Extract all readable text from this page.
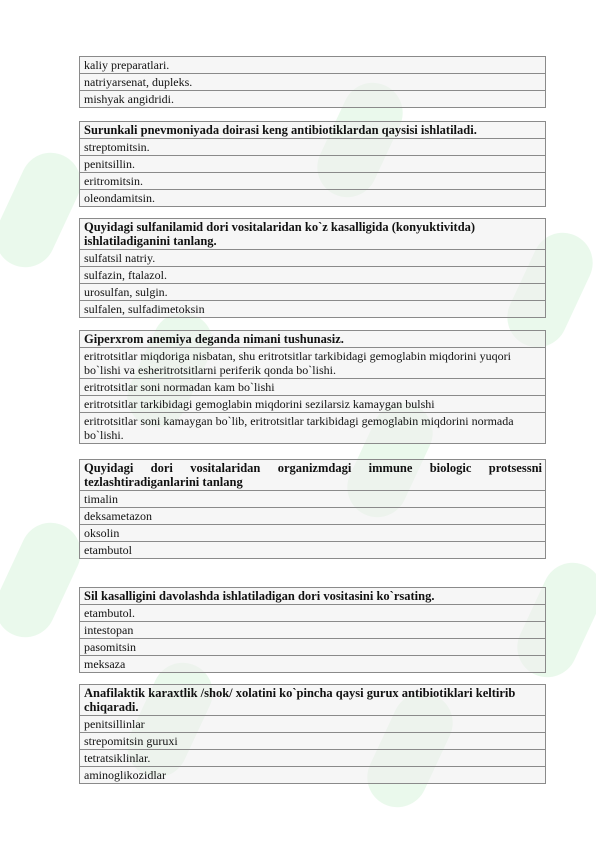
kaliy preparatlari.
natriyarsenat, dupleks.
mishyak angidridi.
Surunkali pnevmoniyada doirasi keng antibiotiklardan qaysisi ishlatiladi.
streptomitsin.
penitsillin.
eritromitsin.
oleondamitsin.
Quyidagi sulfanilamid dori vositalaridan ko`z kasalligida (konyuktivitda) ishlatiladiganini tanlang.
sulfatsil natriy.
sulfazin, ftalazol.
urosulfan, sulgin.
sulfalen, sulfadimetoksin
Giperxrom anemiya deganda nimani tushunasiz.
eritrotsitlar miqdoriga nisbatan, shu eritrotsitlar tarkibidagi gemoglabin miqdorini yuqori bo`lishi va esheritrotsitlarni periferik qonda bo`lishi.
eritrotsitlar soni normadan kam bo`lishi
eritrotsitlar tarkibidagi gemoglabin miqdorini sezilarsiz kamaygan bulshi
eritrotsitlar soni kamaygan bo`lib, eritrotsitlar tarkibidagi gemoglabin miqdorini normada bo`lishi.
Quyidagi dori vositalaridan organizmdagi immune biologic protsessni tezlashtiradiganlarini tanlang
timalin
deksametazon
oksolin
etambutol
Sil kasalligini davolashda ishlatiladigan dori vositasini ko`rsating.
etambutol.
intestopan
pasomitsin
meksaza
Anafilaktik karaxtlik /shok/ xolatini ko`pincha qaysi gurux antibiotiklari keltirib chiqaradi.
penitsillinlar
strepomitsin guruxi
tetratsiklinlar.
aminoglikozidlar
